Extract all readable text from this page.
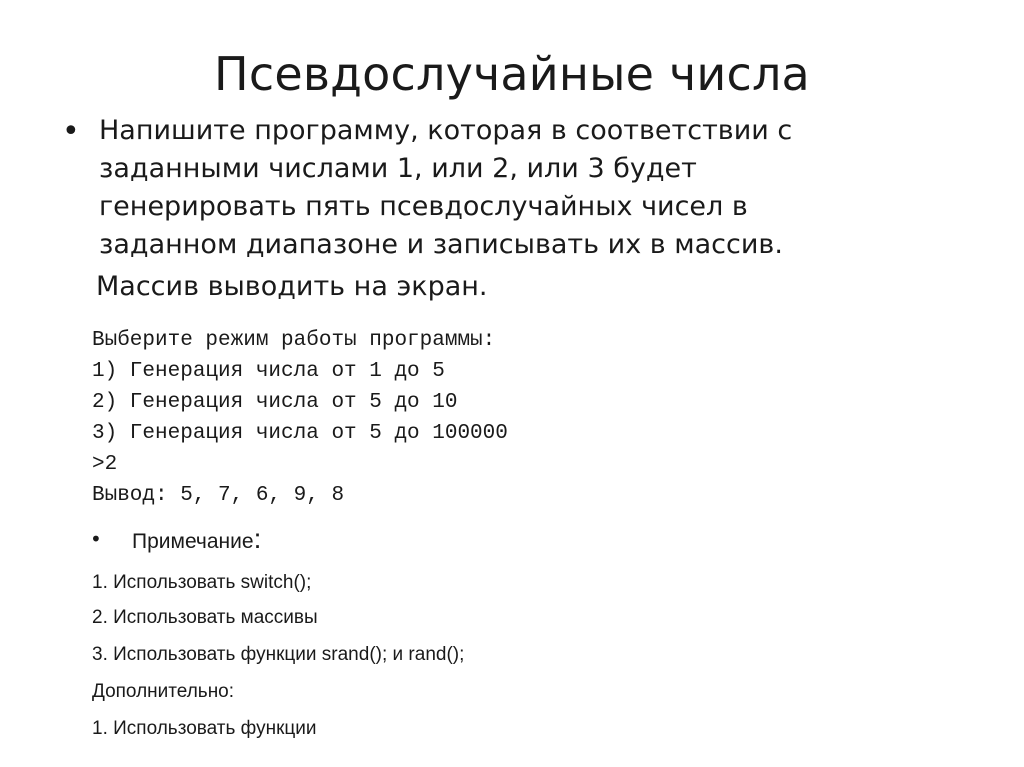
Псевдослучайные числа
• Напишите программу, которая в соответствии с
заданными числами 1, или 2, или 3 будет
генерировать пять псевдослучайных чисел в
заданном диапазоне и записывать их в массив.
Массив выводить на экран.
Выберите режим работы программы:
1) Генерация числа от 1 до 5
2) Генерация числа от 5 до 10
3) Генерация числа от 5 до 100000
>2
Вывод: 5, 7, 6, 9, 8
• Примечание:
1. Использовать switch();
2. Использовать массивы
3. Использовать функции srand(); и rand();
Дополнительно:
1. Использовать функции
